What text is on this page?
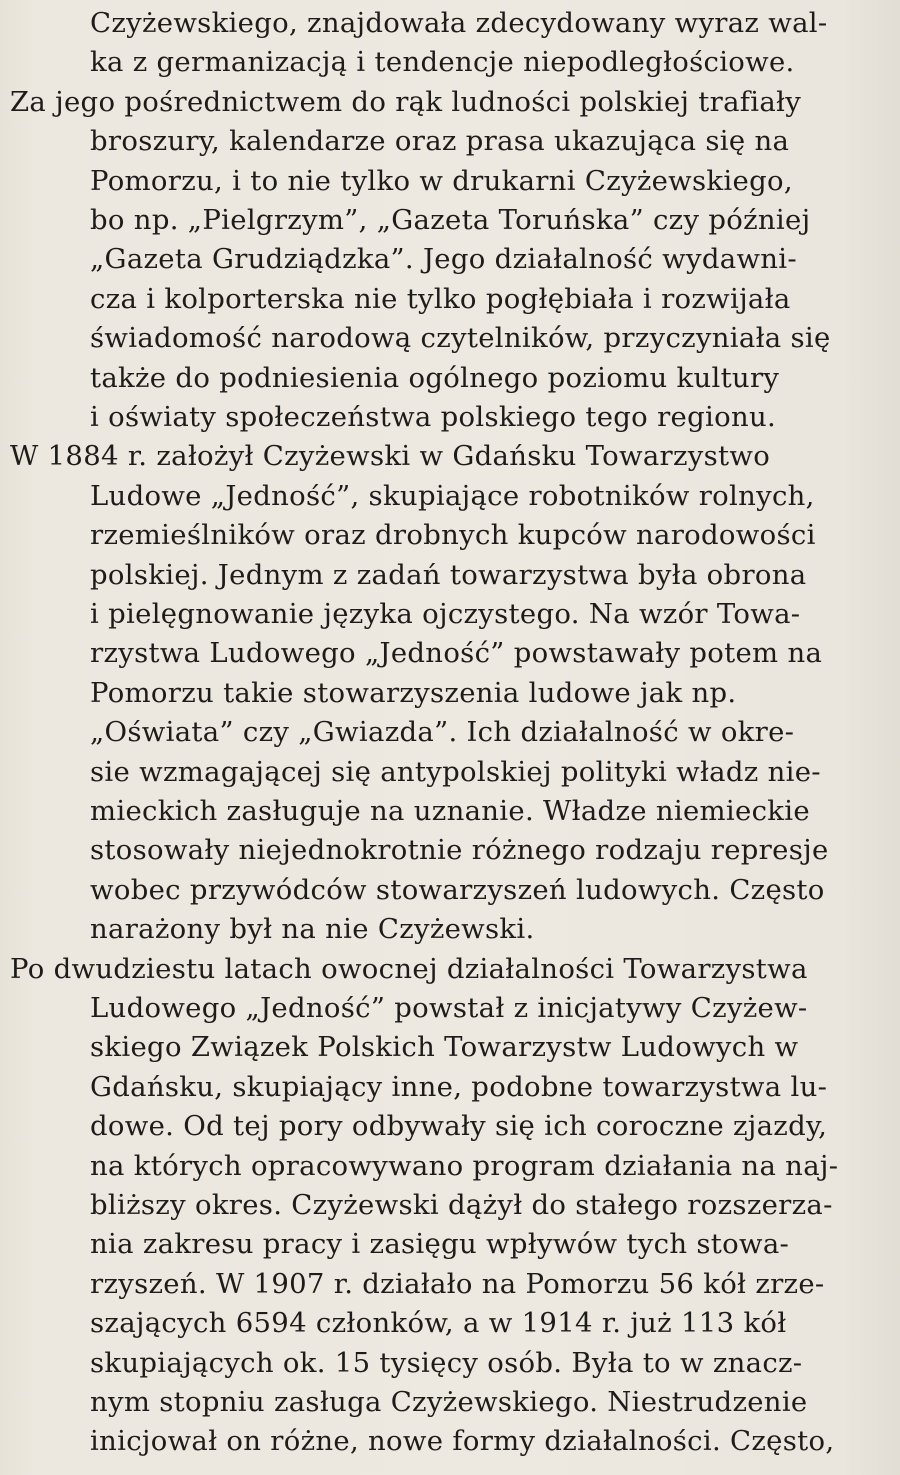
Czyżewskiego, znajdowała zdecydowany wyraz wal-
ka z germanizacją i tendencje niepodległościowe.
Za jego pośrednictwem do rąk ludności polskiej trafiały
broszury, kalendarze oraz prasa ukazująca się na
Pomorzu, i to nie tylko w drukarni Czyżewskiego,
bo np. „Pielgrzym”, „Gazeta Toruńska” czy później
„Gazeta Grudziądzka”. Jego działalność wydawni-
cza i kolporterska nie tylko pogłębiała i rozwijała
świadomość narodową czytelników, przyczyniała się
także do podniesienia ogólnego poziomu kultury
i oświaty społeczeństwa polskiego tego regionu.
W 1884 r. założył Czyżewski w Gdańsku Towarzystwo
Ludowe „Jedność”, skupiające robotników rolnych,
rzemieślników oraz drobnych kupców narodowości
polskiej. Jednym z zadań towarzystwa była obrona
i pielęgnowanie języka ojczystego. Na wzór Towa-
rzystwa Ludowego „Jedność” powstawały potem na
Pomorzu takie stowarzyszenia ludowe jak np.
„Oświata” czy „Gwiazda”. Ich działalność w okre-
sie wzmagającej się antypolskiej polityki władz nie-
mieckich zasługuje na uznanie. Władze niemieckie
stosowały niejednokrotnie różnego rodzaju represje
wobec przywódców stowarzyszeń ludowych. Często
narażony był na nie Czyżewski.
Po dwudziestu latach owocnej działalności Towarzystwa
Ludowego „Jedność” powstał z inicjatywy Czyżew-
skiego Związek Polskich Towarzystw Ludowych w
Gdańsku, skupiający inne, podobne towarzystwa lu-
dowe. Od tej pory odbywały się ich coroczne zjazdy,
na których opracowywano program działania na naj-
bliższy okres. Czyżewski dążył do stałego rozszerza-
nia zakresu pracy i zasięgu wpływów tych stowa-
rzyszeń. W 1907 r. działało na Pomorzu 56 kół zrze-
szających 6594 członków, a w 1914 r. już 113 kół
skupiających ok. 15 tysięcy osób. Była to w znacz-
nym stopniu zasługa Czyżewskiego. Niestrudzenie
inicjował on różne, nowe formy działalności. Często,
